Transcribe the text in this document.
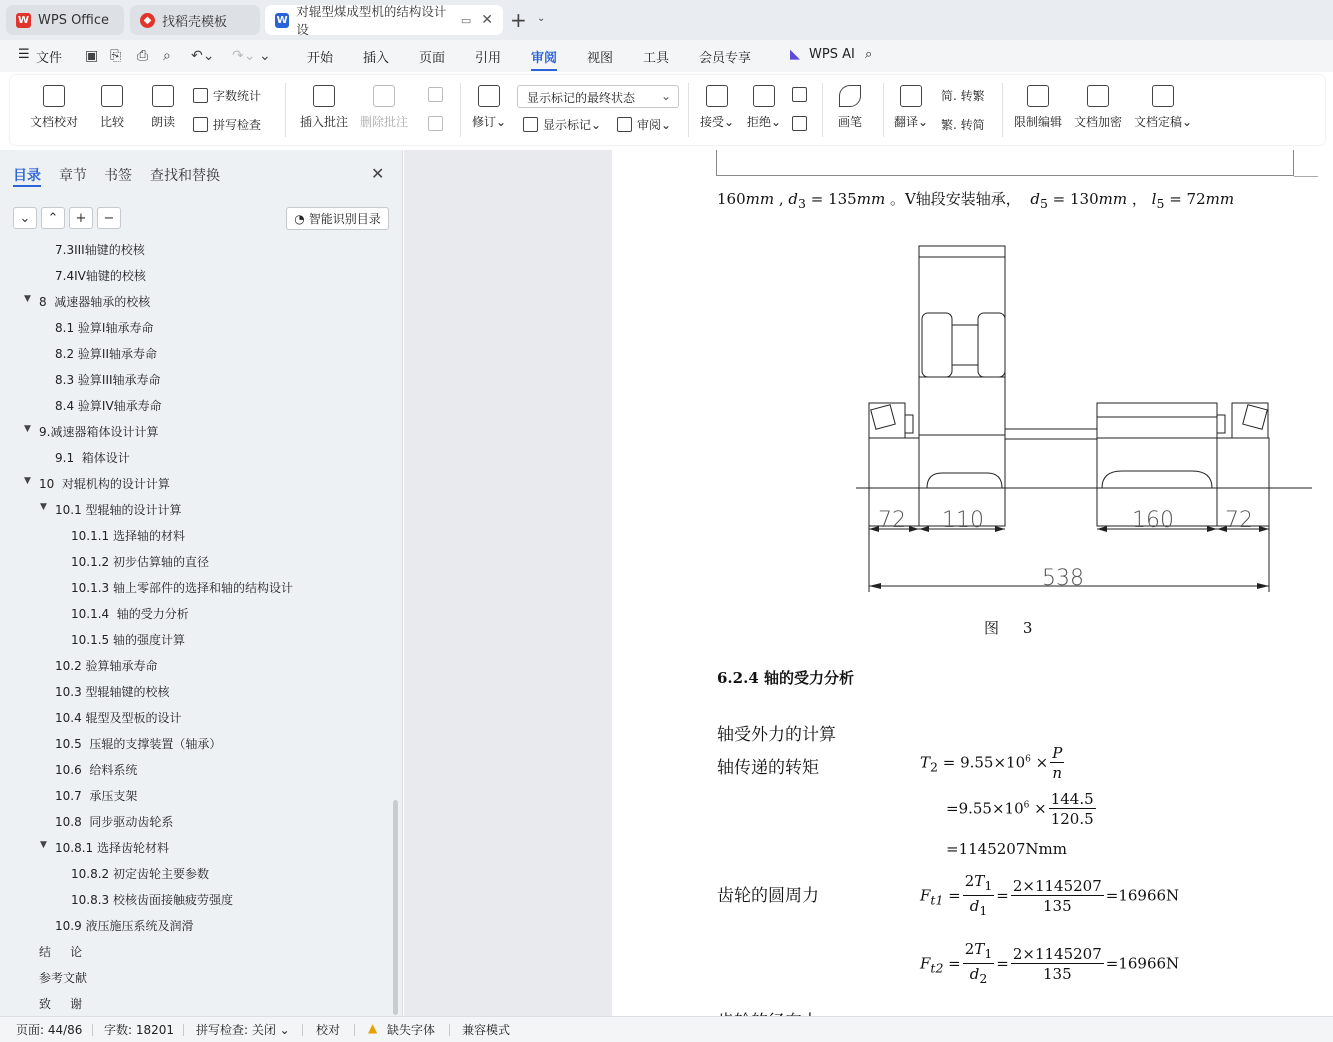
W WPS Office	◆ 找稻壳模板	W
对辊型煤成型机的结构设计 设
▭ ✕ + ⌄
☰ 文件 ▣ ⎘ ⎙ ⌕ ↶⌄ ↷⌄ ⌄	开始 插入 页面 引用 审阅 视图 工具 会员专享	◣ WPS AI ⌕
文档校对 比较 朗读
字数统计
拼写检查	插入批注 删除批注	修订⌄
显示标记的最终状态 ⌄
显示标记⌄	审阅⌄ 接受⌄ 拒绝⌄	画笔	翻译⌄
简. 转繁
繁. 转简 限制编辑 文档加密 文档定稿⌄
目录 章节 书签 查找和替换	✕
⌄	⌃	+	−	◔ 智能识别目录
7.3III轴键的校核
7.4IV轴键的校核
▼ 8  减速器轴承的校核
8.1 验算I轴承寿命
8.2 验算II轴承寿命
8.3 验算III轴承寿命
8.4 验算IV轴承寿命
▼ 9.减速器箱体设计计算
9.1  箱体设计
▼ 10  对辊机构的设计计算
▼ 10.1 型辊轴的设计计算
10.1.1 选择轴的材料
10.1.2 初步估算轴的直径
10.1.3 轴上零部件的选择和轴的结构设计
10.1.4  轴的受力分析
10.1.5 轴的强度计算
10.2 验算轴承寿命
10.3 型辊轴键的校核
10.4 辊型及型板的设计
10.5  压辊的支撑装置（轴承）
10.6  给料系统
10.7  承压支架
10.8  同步驱动齿轮系
▼ 10.8.1 选择齿轮材料
10.8.2 初定齿轮主要参数
10.8.3 校核齿面接触疲劳强度
10.9 液压施压系统及润滑
结     论
参考文献
致     谢
160mm , $d_3 = 135mm$ 。V轴段安装轴承， $d_5 = 130mm$ ， $l_5 = 72mm$
72 110	160 72
538
图     3
6.2.4 轴的受力分析
轴受外力的计算
轴传递的转矩	$T_2 = 9.55\times 10^6 \times \frac{P}{n}$
$=9.55\times 10^6 \times \frac{144.5}{120.5}$
=1145207Nmm
齿轮的圆周力	$F_{t1} = \frac{2T_1}{d_1} = \frac{2\times 1145207}{135} =16966N$
$F_{t2} = \frac{2T_1}{d_2} = \frac{2\times 1145207}{135} =16966N$
页面: 44/86 字数: 18201 拼写检查: 关闭 ⌄ 校对 ▲ 缺失字体 兼容模式
